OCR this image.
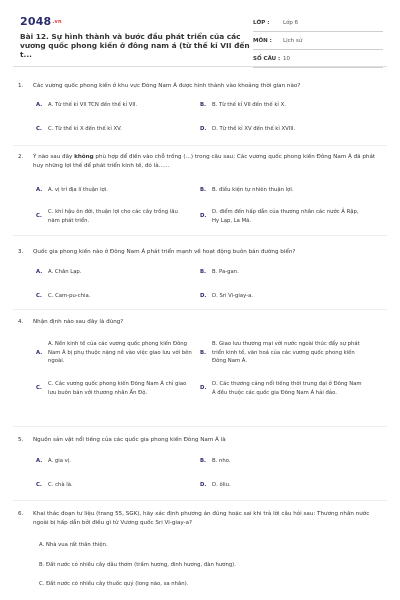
2048.vn
Bài 12. Sự hình thành và bước đầu phát triển của các vương quốc phong kiến ở đông nam á (từ thế kỉ VII đến t...
LỚP :	Lớp 6
MÔN :	Lịch sử
SỐ CÂU : 10
1.	Các vương quốc phong kiến ở khu vực Đông Nam Á được hình thành vào khoảng thời gian nào?
A.	A. Từ thế kỉ VII TCN đến thế kỉ VII.	B.	B. Từ thế kỉ VII đến thế kỉ X.
C.	C. Từ thế kỉ X đến thế kỉ XV.	D.	D. Từ thế kỉ XV đến thế kỉ XVIII.
2.	Ý nào sau đây không phù hợp để điền vào chỗ trống (...) trong câu sau: Các vương quốc phong kiến Đông Nam Á đã phát huy những lợi thế để phát triển kinh tế, đó là......
A.	A. vị trí địa lí thuận lợi.	B.	B. điều kiện tự nhiên thuận lợi.
C.
C. khí hậu ôn đới, thuận lợi cho các cây trồng lâu năm phát triển.
D.
D. điểm đến hấp dẫn của thương nhân các nước Ả Rập, Hy Lạp, La Mã.
3.	Quốc gia phong kiến nào ở Đông Nam Á phát triển mạnh về hoạt động buôn bán đường biển?
A.	A. Chân Lạp.	B.	B. Pa-gan.
C.	C. Cam-pu-chia.	D.	D. Sri Vi-giay-a.
4.	Nhận định nào sau đây là đúng?
A.
A. Nền kinh tế của các vương quốc phong kiến Đông Nam Á bị phụ thuộc nặng nề vào việc giao lưu với bên ngoài.
B.
B. Giao lưu thương mại với nước ngoài thúc đẩy sự phát triển kinh tế, văn hoá của các vương quốc phong kiến Đông Nam Á.
C.
C. Các vương quốc phong kiến Đông Nam Á chỉ giao lưu buôn bán với thương nhân Ấn Độ.
D.
D. Các thương cảng nổi tiếng thời trung đại ở Đông Nam Á đều thuộc các quốc gia Đông Nam Á hải đảo.
5.	Nguồn sản vật nổi tiếng của các quốc gia phong kiến Đông Nam Á là
A.	A. gia vị.	B.	B. nho.
C.	C. chà là.	D.	D. ôliu.
6.	Khai thác đoạn tư liệu (trang 55, SGK), hãy xác định phương án đúng hoặc sai khi trả lời câu hỏi sau: Thương nhân nước ngoài bị hấp dẫn bởi điều gì từ Vương quốc Sri Vi-giay-a?
A. Nhà vua rất thân thiện.
B. Đất nước có nhiều cây dâu thơm (trầm hương, đinh hương, đàn hương).
C. Đất nước có nhiều cây thuốc quý (long não, sa nhân).
